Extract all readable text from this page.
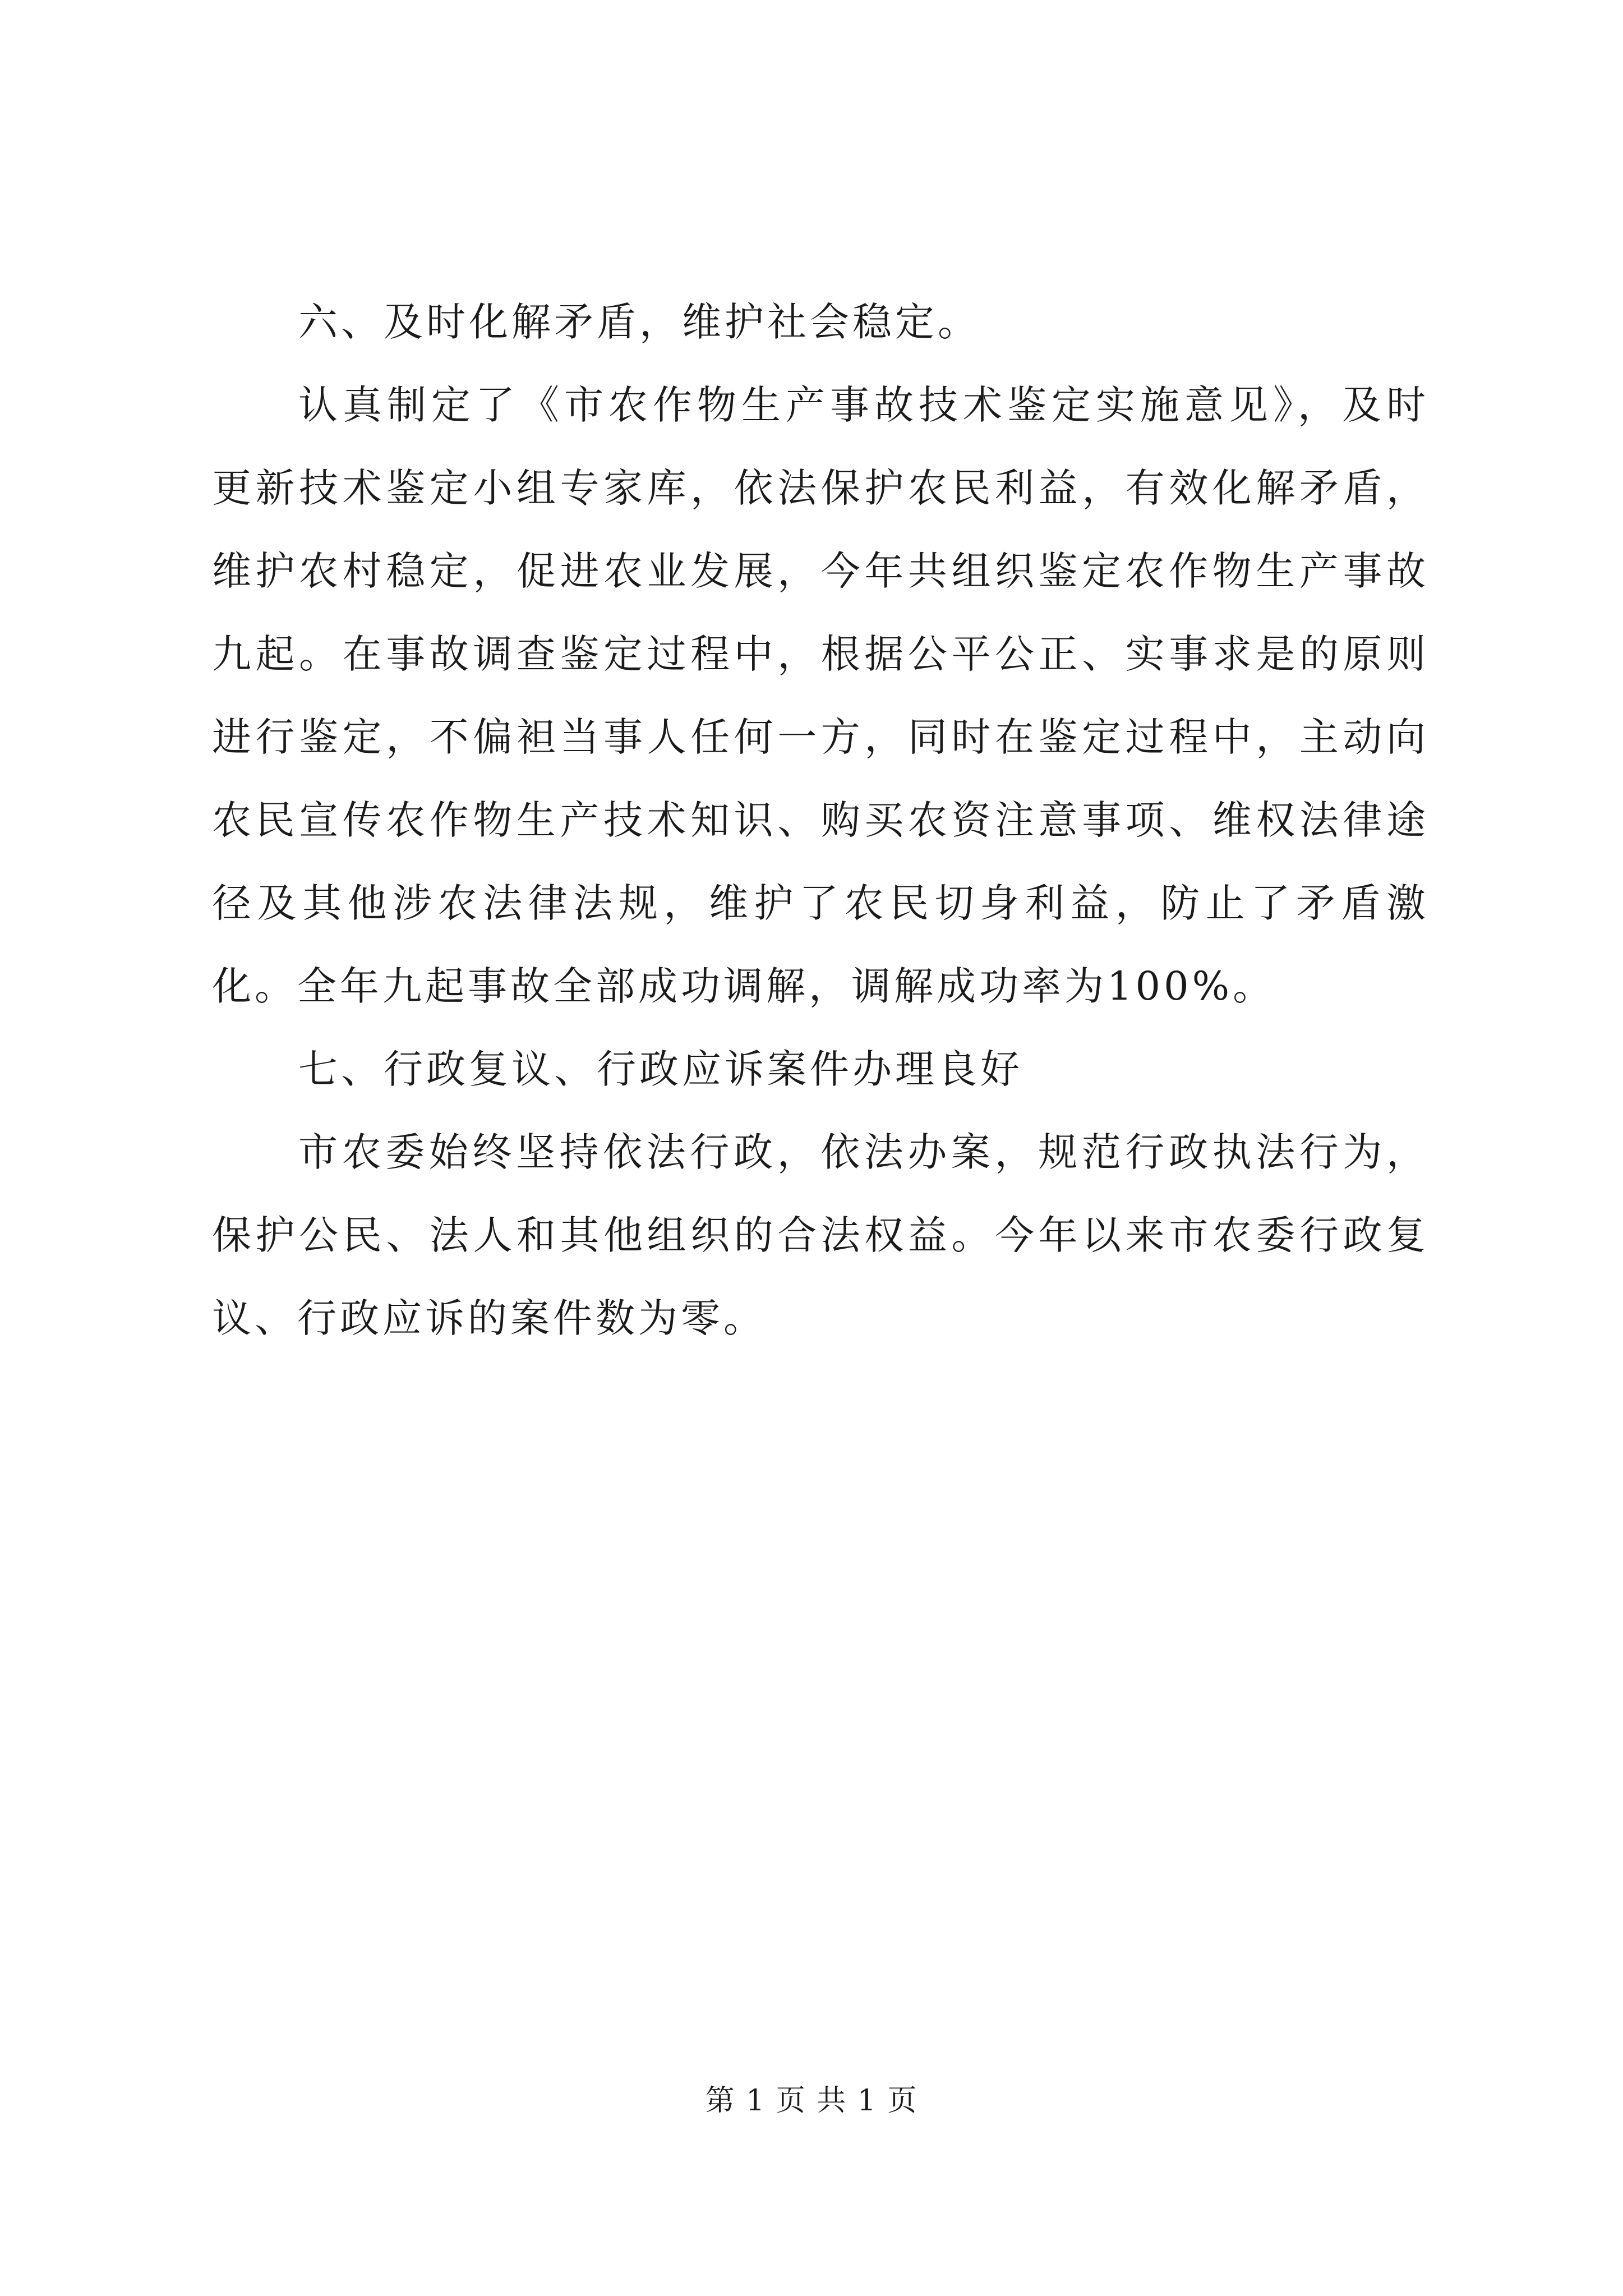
六、及时化解矛盾，维护社会稳定。

认真制定了《市农作物生产事故技术鉴定实施意见》，及时更新技术鉴定小组专家库，依法保护农民利益，有效化解矛盾，维护农村稳定，促进农业发展，今年共组织鉴定农作物生产事故九起。在事故调查鉴定过程中，根据公平公正、实事求是的原则进行鉴定，不偏袒当事人任何一方，同时在鉴定过程中，主动向农民宣传农作物生产技术知识、购买农资注意事项、维权法律途径及其他涉农法律法规，维护了农民切身利益，防止了矛盾激化。全年九起事故全部成功调解，调解成功率为100%。

七、行政复议、行政应诉案件办理良好

市农委始终坚持依法行政，依法办案，规范行政执法行为，保护公民、法人和其他组织的合法权益。今年以来市农委行政复议、行政应诉的案件数为零。

第 1 页 共 1 页
